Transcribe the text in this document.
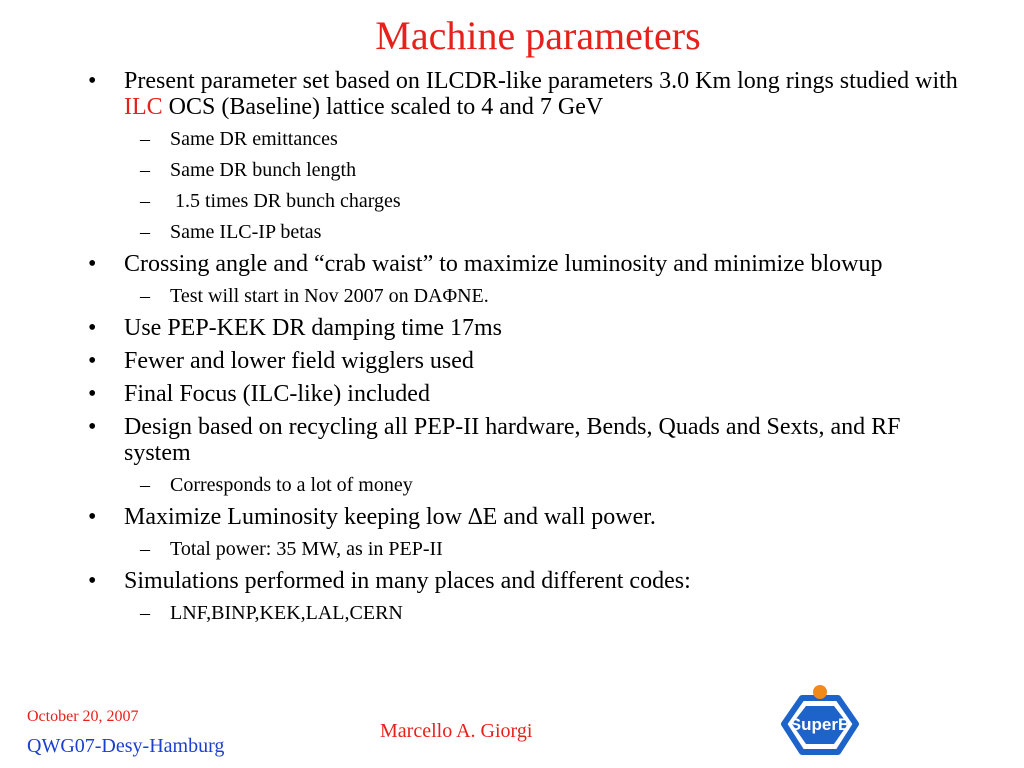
Machine parameters
• Present parameter set based on ILCDR-like parameters 3.0 Km long rings studied with ILC OCS (Baseline) lattice scaled to 4 and 7 GeV
– Same DR emittances
– Same DR bunch length
– 1.5 times DR bunch charges
– Same ILC-IP betas
• Crossing angle and “crab waist” to maximize luminosity and minimize blowup
– Test will start in Nov 2007 on DAΦNE.
• Use PEP-KEK DR damping time 17ms
• Fewer and lower field wigglers used
• Final Focus (ILC-like) included
• Design based on recycling all PEP-II hardware, Bends, Quads and Sexts, and RF system
– Corresponds to a lot of money
• Maximize Luminosity keeping low ∆E and wall power.
– Total power: 35 MW, as in PEP-II
• Simulations performed in many places and different codes:
– LNF,BINP,KEK,LAL,CERN
October 20, 2007
QWG07-Desy-Hamburg
Marcello A. Giorgi	SuperB
